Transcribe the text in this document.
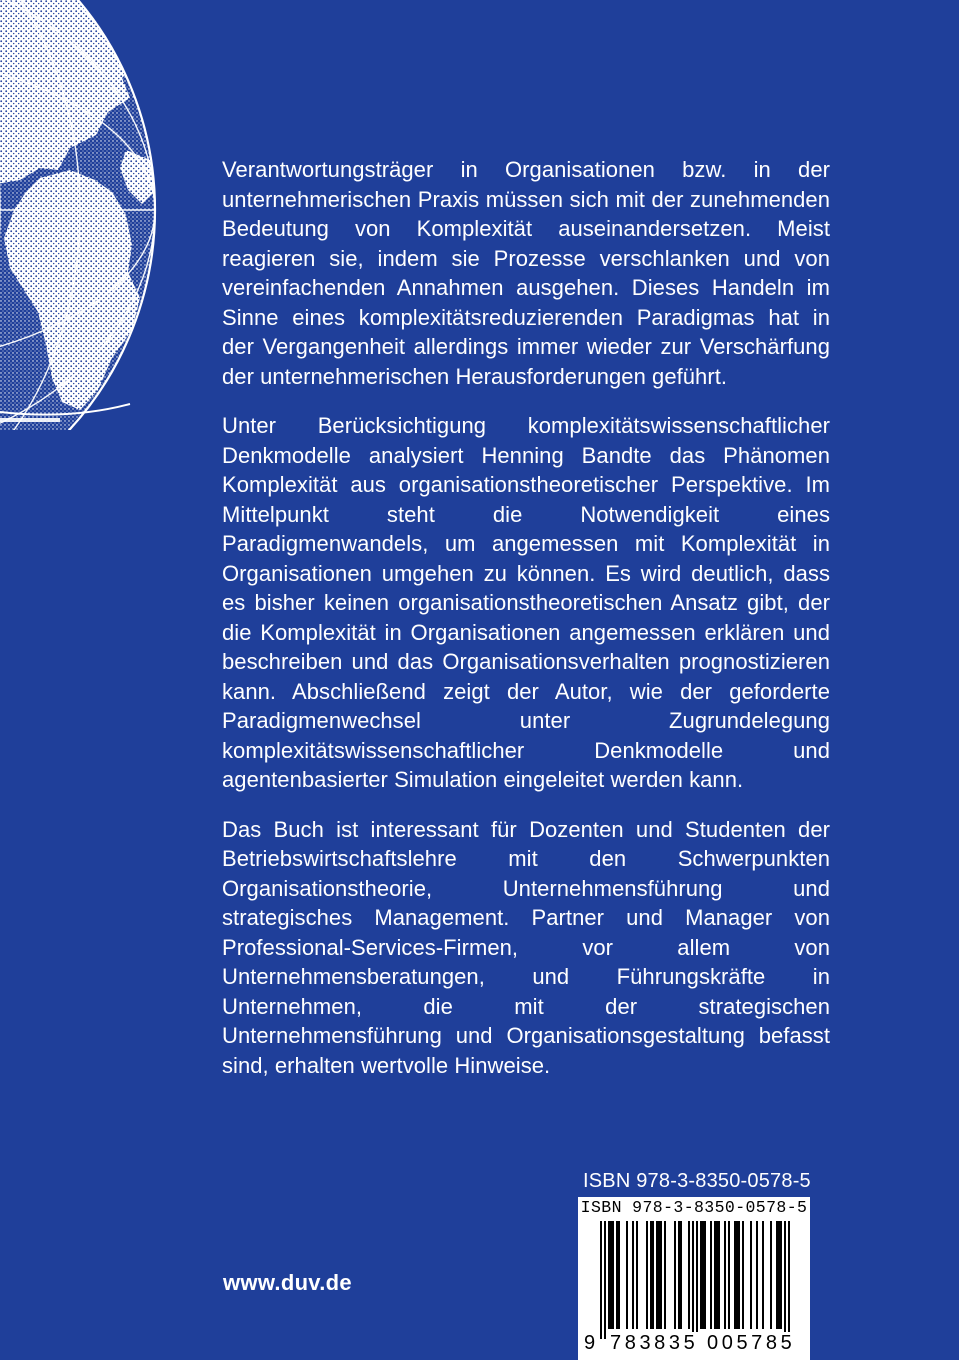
Verantwortungsträger in Organisationen bzw. in der unternehmerischen Praxis müssen sich mit der zunehmenden Bedeutung von Komplexität auseinandersetzen. Meist reagieren sie, indem sie Prozesse verschlanken und von vereinfachenden Annahmen ausgehen. Dieses Handeln im Sinne eines komplexitätsreduzierenden Paradigmas hat in der Vergangenheit allerdings immer wieder zur Verschärfung der unternehmerischen Herausforderungen geführt.

Unter Berücksichtigung komplexitätswissenschaftlicher Denkmodelle analysiert Henning Bandte das Phänomen Komplexität aus organisationstheoretischer Perspektive. Im Mittelpunkt steht die Notwendigkeit eines Paradigmenwandels, um angemessen mit Komplexität in Organisationen umgehen zu können. Es wird deutlich, dass es bisher keinen organisationstheoretischen Ansatz gibt, der die Komplexität in Organisationen angemessen erklären und beschreiben und das Organisationsverhalten prognostizieren kann. Abschließend zeigt der Autor, wie der geforderte Paradigmenwechsel unter Zugrundelegung komplexitätswissenschaftlicher Denkmodelle und agentenbasierter Simulation eingeleitet werden kann.

Das Buch ist interessant für Dozenten und Studenten der Betriebswirtschaftslehre mit den Schwerpunkten Organisationstheorie, Unternehmensführung und strategisches Management. Partner und Manager von Professional-Services-Firmen, vor allem von Unternehmensberatungen, und Führungskräfte in Unternehmen, die mit der strategischen Unternehmensführung und Organisationsgestaltung befasst sind, erhalten wertvolle Hinweise.

www.duv.de
ISBN 978-3-8350-0578-5
ISBN 978-3-8350-0578-5
9 783835 005785
